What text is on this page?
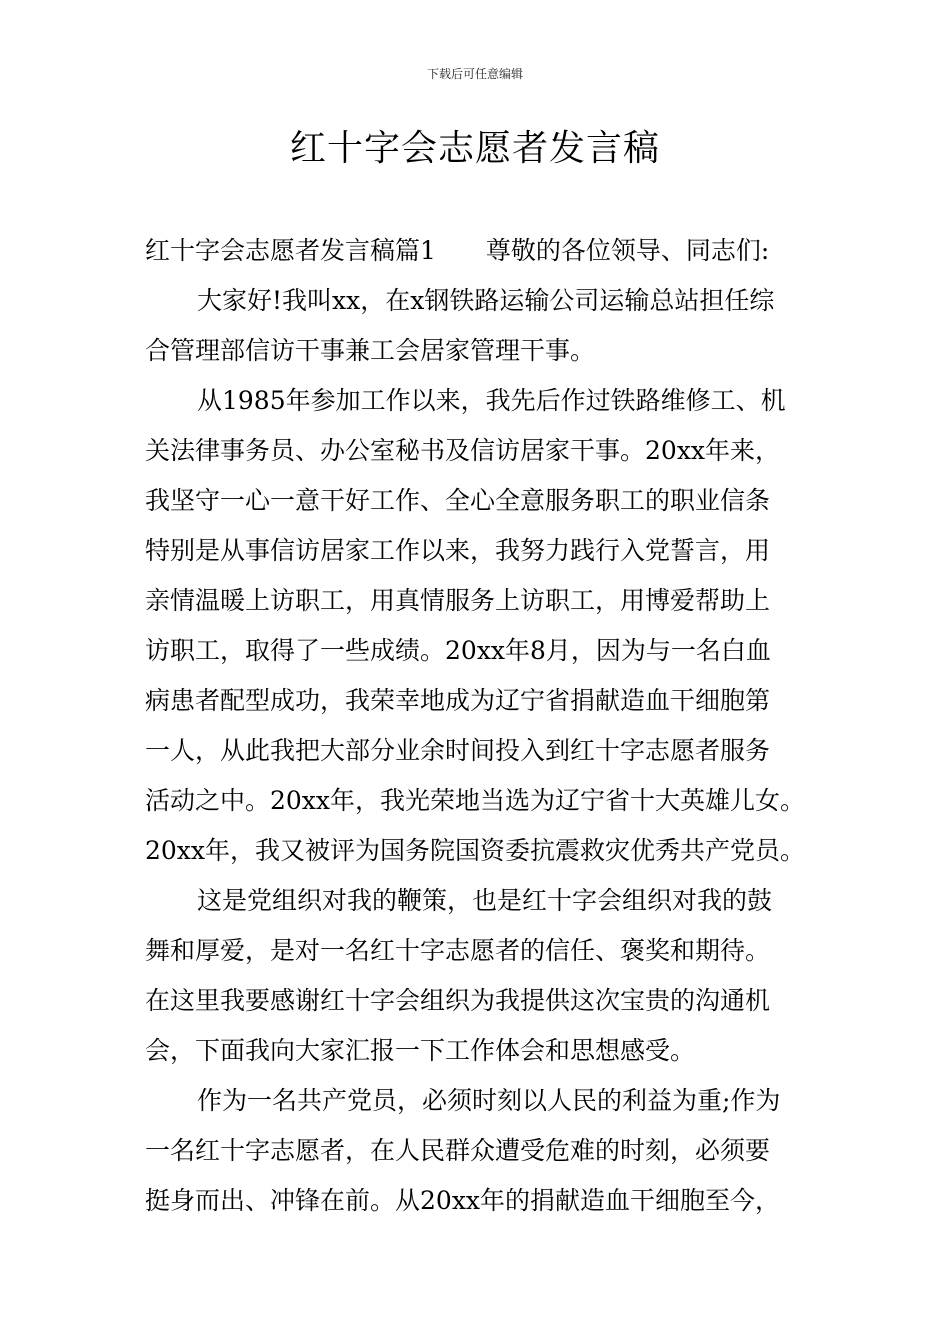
下载后可任意编辑
红十字会志愿者发言稿
红十字会志愿者发言稿篇1 尊敬的各位领导、同志们:
大家好!我叫xx，在x钢铁路运输公司运输总站担任综
合管理部信访干事兼工会居家管理干事。
从1985年参加工作以来，我先后作过铁路维修工、机
关法律事务员、办公室秘书及信访居家干事。20xx年来，
我坚守一心一意干好工作、全心全意服务职工的职业信条
特别是从事信访居家工作以来，我努力践行入党誓言，用
亲情温暖上访职工，用真情服务上访职工，用博爱帮助上
访职工，取得了一些成绩。20xx年8月，因为与一名白血
病患者配型成功，我荣幸地成为辽宁省捐献造血干细胞第
一人，从此我把大部分业余时间投入到红十字志愿者服务
活动之中。20xx年，我光荣地当选为辽宁省十大英雄儿女。
20xx年，我又被评为国务院国资委抗震救灾优秀共产党员。
这是党组织对我的鞭策，也是红十字会组织对我的鼓
舞和厚爱，是对一名红十字志愿者的信任、褒奖和期待。
在这里我要感谢红十字会组织为我提供这次宝贵的沟通机
会，下面我向大家汇报一下工作体会和思想感受。
作为一名共产党员，必须时刻以人民的利益为重;作为
一名红十字志愿者，在人民群众遭受危难的时刻，必须要
挺身而出、冲锋在前。从20xx年的捐献造血干细胞至今，
